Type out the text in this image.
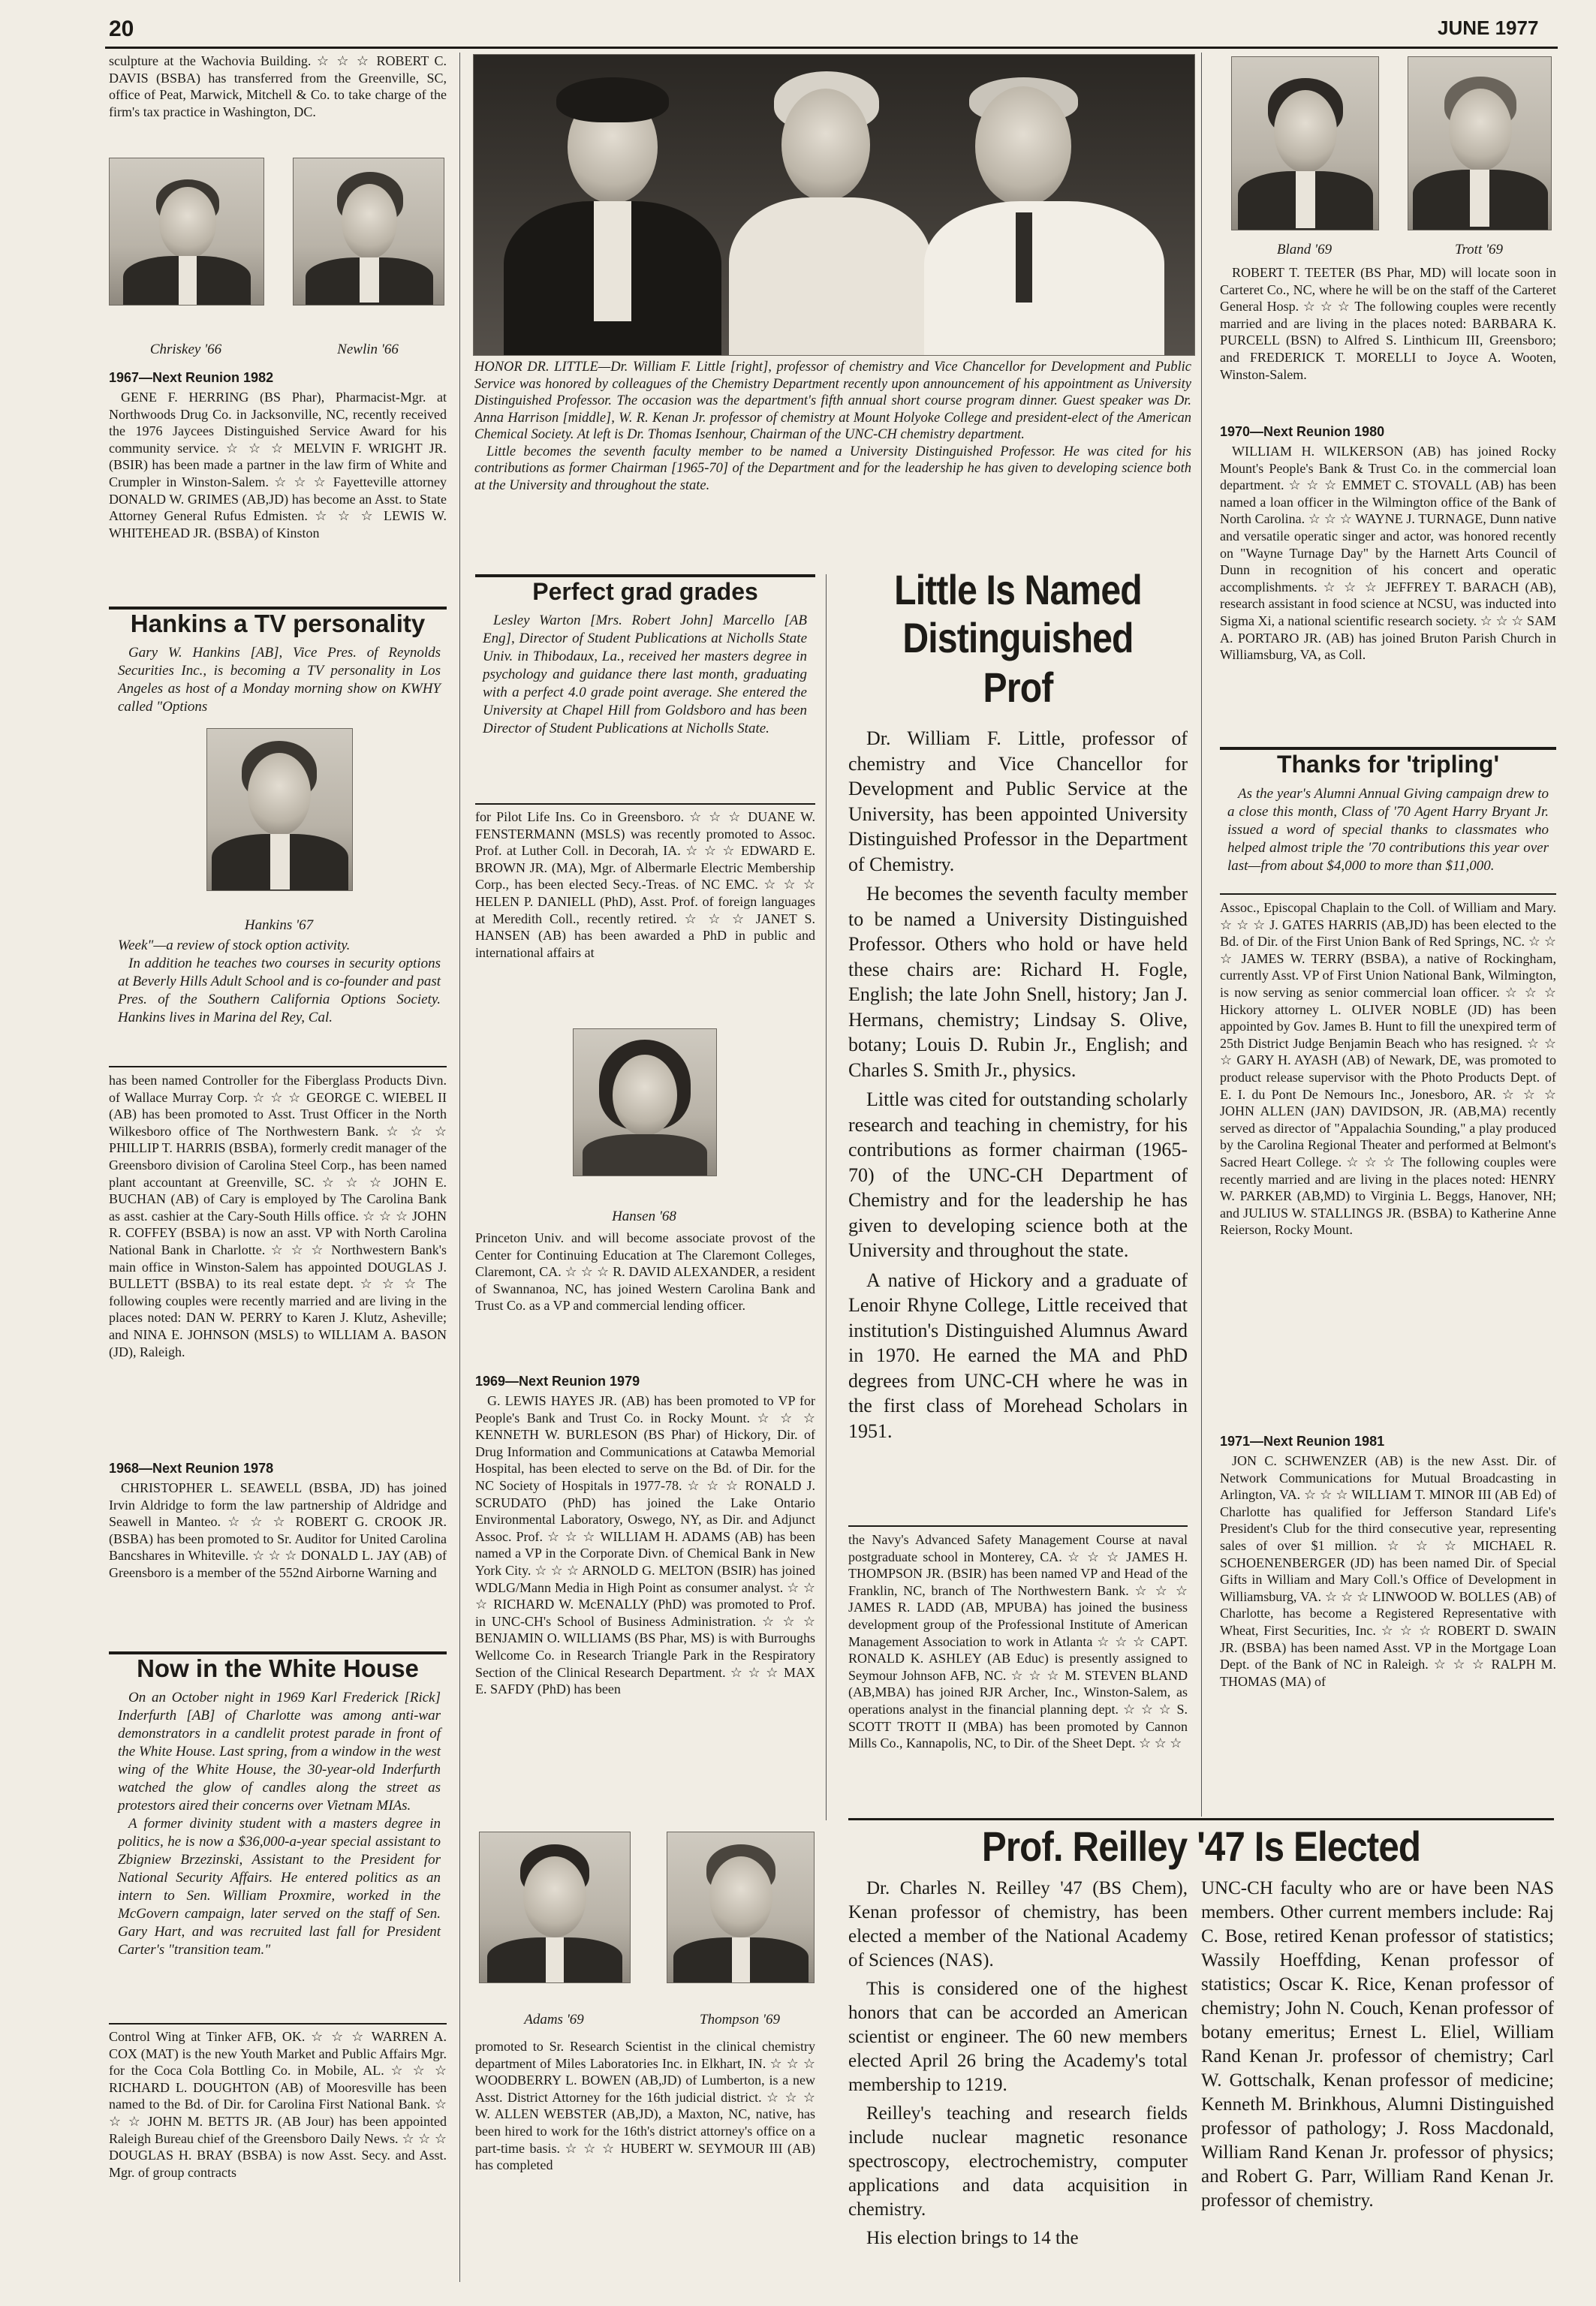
20	JUNE 1977
sculpture at the Wachovia Building. ☆ ☆ ☆ ROBERT C. DAVIS (BSBA) has transferred from the Greenville, SC, office of Peat, Marwick, Mitchell & Co. to take charge of the firm's tax practice in Washington, DC.
Chriskey '66	Newlin '66
1967—Next Reunion 1982
GENE F. HERRING (BS Phar), Pharmacist-Mgr. at Northwoods Drug Co. in Jacksonville, NC, recently received the 1976 Jaycees Distinguished Service Award for his community service. ☆ ☆ ☆ MELVIN F. WRIGHT JR. (BSIR) has been made a partner in the law firm of White and Crumpler in Winston-Salem. ☆ ☆ ☆ Fayetteville attorney DONALD W. GRIMES (AB,JD) has become an Asst. to State Attorney General Rufus Edmisten. ☆ ☆ ☆ LEWIS W. WHITEHEAD JR. (BSBA) of Kinston
Hankins a TV personality

Gary W. Hankins [AB], Vice Pres. of Reynolds Securities Inc., is becoming a TV personality in Los Angeles as host of a Monday morning show on KWHY called "Options

Hankins '67

Week"—a review of stock option activity.

In addition he teaches two courses in security options at Beverly Hills Adult School and is co-founder and past Pres. of the Southern California Options Society. Hankins lives in Marina del Rey, Cal.

has been named Controller for the Fiberglass Products Divn. of Wallace Murray Corp. ☆ ☆ ☆ GEORGE C. WIEBEL II (AB) has been promoted to Asst. Trust Officer in the North Wilkesboro office of The Northwestern Bank. ☆ ☆ ☆ PHILLIP T. HARRIS (BSBA), formerly credit manager of the Greensboro division of Carolina Steel Corp., has been named plant accountant at Greenville, SC. ☆ ☆ ☆ JOHN E. BUCHAN (AB) of Cary is employed by The Carolina Bank as asst. cashier at the Cary-South Hills office. ☆ ☆ ☆ JOHN R. COFFEY (BSBA) is now an asst. VP with North Carolina National Bank in Charlotte. ☆ ☆ ☆ Northwestern Bank's main office in Winston-Salem has appointed DOUGLAS J. BULLETT (BSBA) to its real estate dept. ☆ ☆ ☆ The following couples were recently married and are living in the places noted: DAN W. PERRY to Karen J. Klutz, Asheville; and NINA E. JOHNSON (MSLS) to WILLIAM A. BASON (JD), Raleigh.
1968—Next Reunion 1978
CHRISTOPHER L. SEAWELL (BSBA, JD) has joined Irvin Aldridge to form the law partnership of Aldridge and Seawell in Manteo. ☆ ☆ ☆ ROBERT G. CROOK JR. (BSBA) has been promoted to Sr. Auditor for United Carolina Bancshares in Whiteville. ☆ ☆ ☆ DONALD L. JAY (AB) of Greensboro is a member of the 552nd Airborne Warning and
Now in the White House

On an October night in 1969 Karl Frederick [Rick] Inderfurth [AB] of Charlotte was among anti-war demonstrators in a candlelit protest parade in front of the White House. Last spring, from a window in the west wing of the White House, the 30-year-old Inderfurth watched the glow of candles along the street as protestors aired their concerns over Vietnam MIAs.

A former divinity student with a masters degree in politics, he is now a $36,000-a-year special assistant to Zbigniew Brzezinski, Assistant to the President for National Security Affairs. He entered politics as an intern to Sen. William Proxmire, worked in the McGovern campaign, later served on the staff of Sen. Gary Hart, and was recruited last fall for President Carter's "transition team."

Control Wing at Tinker AFB, OK. ☆ ☆ ☆ WARREN A. COX (MAT) is the new Youth Market and Public Affairs Mgr. for the Coca Cola Bottling Co. in Mobile, AL. ☆ ☆ ☆ RICHARD L. DOUGHTON (AB) of Mooresville has been named to the Bd. of Dir. for Carolina First National Bank. ☆ ☆ ☆ JOHN M. BETTS JR. (AB Jour) has been appointed Raleigh Bureau chief of the Greensboro Daily News. ☆ ☆ ☆ DOUGLAS H. BRAY (BSBA) is now Asst. Secy. and Asst. Mgr. of group contracts
HONOR DR. LITTLE—Dr. William F. Little [right], professor of chemistry and Vice Chancellor for Development and Public Service was honored by colleagues of the Chemistry Department recently upon announcement of his appointment as University Distinguished Professor. The occasion was the department's fifth annual short course program dinner. Guest speaker was Dr. Anna Harrison [middle], W. R. Kenan Jr. professor of chemistry at Mount Holyoke College and president-elect of the American Chemical Society. At left is Dr. Thomas Isenhour, Chairman of the UNC-CH chemistry department.
Little becomes the seventh faculty member to be named a University Distinguished Professor. He was cited for his contributions as former Chairman [1965-70] of the Department and for the leadership he has given to developing science both at the University and throughout the state.
Perfect grad grades

Lesley Warton [Mrs. Robert John] Marcello [AB Eng], Director of Student Publications at Nicholls State Univ. in Thibodaux, La., received her masters degree in psychology and guidance there last month, graduating with a perfect 4.0 grade point average. She entered the University at Chapel Hill from Goldsboro and has been Director of Student Publications at Nicholls State.

for Pilot Life Ins. Co in Greensboro. ☆ ☆ ☆ DUANE W. FENSTERMANN (MSLS) was recently promoted to Assoc. Prof. at Luther Coll. in Decorah, IA. ☆ ☆ ☆ EDWARD E. BROWN JR. (MA), Mgr. of Albermarle Electric Membership Corp., has been elected Secy.-Treas. of NC EMC. ☆ ☆ ☆ HELEN P. DANIELL (PhD), Asst. Prof. of foreign languages at Meredith Coll., recently retired. ☆ ☆ ☆ JANET S. HANSEN (AB) has been awarded a PhD in public and international affairs at
Hansen '68
Princeton Univ. and will become associate provost of the Center for Continuing Education at The Claremont Colleges, Claremont, CA. ☆ ☆ ☆ R. DAVID ALEXANDER, a resident of Swannanoa, NC, has joined Western Carolina Bank and Trust Co. as a VP and commercial lending officer.
1969—Next Reunion 1979
G. LEWIS HAYES JR. (AB) has been promoted to VP for People's Bank and Trust Co. in Rocky Mount. ☆ ☆ ☆ KENNETH W. BURLESON (BS Phar) of Hickory, Dir. of Drug Information and Communications at Catawba Memorial Hospital, has been elected to serve on the Bd. of Dir. for the NC Society of Hospitals in 1977-78. ☆ ☆ ☆ RONALD J. SCRUDATO (PhD) has joined the Lake Ontario Environmental Laboratory, Oswego, NY, as Dir. and Adjunct Assoc. Prof. ☆ ☆ ☆ WILLIAM H. ADAMS (AB) has been named a VP in the Corporate Divn. of Chemical Bank in New York City. ☆ ☆ ☆ ARNOLD G. MELTON (BSIR) has joined WDLG/Mann Media in High Point as consumer analyst. ☆ ☆ ☆ RICHARD W. McENALLY (PhD) was promoted to Prof. in UNC-CH's School of Business Administration. ☆ ☆ ☆ BENJAMIN O. WILLIAMS (BS Phar, MS) is with Burroughs Wellcome Co. in Research Triangle Park in the Respiratory Section of the Clinical Research Department. ☆ ☆ ☆ MAX E. SAFDY (PhD) has been
Adams '69	Thompson '69
promoted to Sr. Research Scientist in the clinical chemistry department of Miles Laboratories Inc. in Elkhart, IN. ☆ ☆ ☆ WOODBERRY L. BOWEN (AB,JD) of Lumberton, is a new Asst. District Attorney for the 16th judicial district. ☆ ☆ ☆ W. ALLEN WEBSTER (AB,JD), a Maxton, NC, native, has been hired to work for the 16th's district attorney's office on a part-time basis. ☆ ☆ ☆ HUBERT W. SEYMOUR III (AB) has completed
Little Is Named
Distinguished Prof

Dr. William F. Little, professor of chemistry and Vice Chancellor for Development and Public Service at the University, has been appointed University Distinguished Professor in the Department of Chemistry.

He becomes the seventh faculty member to be named a University Distinguished Professor. Others who hold or have held these chairs are: Richard H. Fogle, English; the late John Snell, history; Jan J. Hermans, chemistry; Lindsay S. Olive, botany; Louis D. Rubin Jr., English; and Charles S. Smith Jr., physics.

Little was cited for outstanding scholarly research and teaching in chemistry, for his contributions as former chairman (1965-70) of the UNC-CH Department of Chemistry and for the leadership he has given to developing science both at the University and throughout the state.

A native of Hickory and a graduate of Lenoir Rhyne College, Little received that institution's Distinguished Alumnus Award in 1970. He earned the MA and PhD degrees from UNC-CH where he was in the first class of Morehead Scholars in 1951.

the Navy's Advanced Safety Management Course at naval postgraduate school in Monterey, CA. ☆ ☆ ☆ JAMES H. THOMPSON JR. (BSIR) has been named VP and Head of the Franklin, NC, branch of The Northwestern Bank. ☆ ☆ ☆ JAMES R. LADD (AB, MPUBA) has joined the business development group of the Professional Institute of American Management Association to work in Atlanta ☆ ☆ ☆ CAPT. RONALD K. ASHLEY (AB Educ) is presently assigned to Seymour Johnson AFB, NC. ☆ ☆ ☆ M. STEVEN BLAND (AB,MBA) has joined RJR Archer, Inc., Winston-Salem, as operations analyst in the financial planning dept. ☆ ☆ ☆ S. SCOTT TROTT II (MBA) has been promoted by Cannon Mills Co., Kannapolis, NC, to Dir. of the Sheet Dept. ☆ ☆ ☆
Bland '69	Trott '69
ROBERT T. TEETER (BS Phar, MD) will locate soon in Carteret Co., NC, where he will be on the staff of the Carteret General Hosp. ☆ ☆ ☆ The following couples were recently married and are living in the places noted: BARBARA K. PURCELL (BSN) to Alfred S. Linthicum III, Greensboro; and FREDERICK T. MORELLI to Joyce A. Wooten, Winston-Salem.
1970—Next Reunion 1980
WILLIAM H. WILKERSON (AB) has joined Rocky Mount's People's Bank & Trust Co. in the commercial loan department. ☆ ☆ ☆ EMMET C. STOVALL (AB) has been named a loan officer in the Wilmington office of the Bank of North Carolina. ☆ ☆ ☆ WAYNE J. TURNAGE, Dunn native and versatile operatic singer and actor, was honored recently on "Wayne Turnage Day" by the Harnett Arts Council of Dunn in recognition of his concert and operatic accomplishments. ☆ ☆ ☆ JEFFREY T. BARACH (AB), research assistant in food science at NCSU, was inducted into Sigma Xi, a national scientific research society. ☆ ☆ ☆ SAM A. PORTARO JR. (AB) has joined Bruton Parish Church in Williamsburg, VA, as Coll.
Thanks for 'tripling'

As the year's Alumni Annual Giving campaign drew to a close this month, Class of '70 Agent Harry Bryant Jr. issued a word of special thanks to classmates who helped almost triple the '70 contributions this year over last—from about $4,000 to more than $11,000.

Assoc., Episcopal Chaplain to the Coll. of William and Mary. ☆ ☆ ☆ J. GATES HARRIS (AB,JD) has been elected to the Bd. of Dir. of the First Union Bank of Red Springs, NC. ☆ ☆ ☆ JAMES W. TERRY (BSBA), a native of Rockingham, currently Asst. VP of First Union National Bank, Wilmington, is now serving as senior commercial loan officer. ☆ ☆ ☆ Hickory attorney L. OLIVER NOBLE (JD) has been appointed by Gov. James B. Hunt to fill the unexpired term of 25th District Judge Benjamin Beach who has resigned. ☆ ☆ ☆ GARY H. AYASH (AB) of Newark, DE, was promoted to product release supervisor with the Photo Products Dept. of E. I. du Pont De Nemours Inc., Jonesboro, AR. ☆ ☆ ☆ JOHN ALLEN (JAN) DAVIDSON, JR. (AB,MA) recently served as director of "Appalachia Sounding," a play produced by the Carolina Regional Theater and performed at Belmont's Sacred Heart College. ☆ ☆ ☆ The following couples were recently married and are living in the places noted: HENRY W. PARKER (AB,MD) to Virginia L. Beggs, Hanover, NH; and JULIUS W. STALLINGS JR. (BSBA) to Katherine Anne Reierson, Rocky Mount.
1971—Next Reunion 1981
JON C. SCHWENZER (AB) is the new Asst. Dir. of Network Communications for Mutual Broadcasting in Arlington, VA. ☆ ☆ ☆ WILLIAM T. MINOR III (AB Ed) of Charlotte has qualified for Jefferson Standard Life's President's Club for the third consecutive year, representing sales of over $1 million. ☆ ☆ ☆ MICHAEL R. SCHOENENBERGER (JD) has been named Dir. of Special Gifts in William and Mary Coll.'s Office of Development in Williamsburg, VA. ☆ ☆ ☆ LINWOOD W. BOLLES (AB) of Charlotte, has become a Registered Representative with Wheat, First Securities, Inc. ☆ ☆ ☆ ROBERT D. SWAIN JR. (BSBA) has been named Asst. VP in the Mortgage Loan Dept. of the Bank of NC in Raleigh. ☆ ☆ ☆ RALPH M. THOMAS (MA) of
Prof. Reilley '47 Is Elected

Dr. Charles N. Reilley '47 (BS Chem), Kenan professor of chemistry, has been elected a member of the National Academy of Sciences (NAS).

This is considered one of the highest honors that can be accorded an American scientist or engineer. The 60 new members elected April 26 bring the Academy's total membership to 1219.

Reilley's teaching and research fields include nuclear magnetic resonance spectroscopy, electrochemistry, computer applications and data acquisition in chemistry.

His election brings to 14 the

UNC-CH faculty who are or have been NAS members. Other current members include: Raj C. Bose, retired Kenan professor of statistics; Wassily Hoeffding, Kenan professor of statistics; Oscar K. Rice, Kenan professor of chemistry; John N. Couch, Kenan professor of botany emeritus; Ernest L. Eliel, William Rand Kenan Jr. professor of chemistry; Carl W. Gottschalk, Kenan professor of medicine; Kenneth M. Brinkhous, Alumni Distinguished professor of pathology; J. Ross Macdonald, William Rand Kenan Jr. professor of physics; and Robert G. Parr, William Rand Kenan Jr. professor of chemistry.
